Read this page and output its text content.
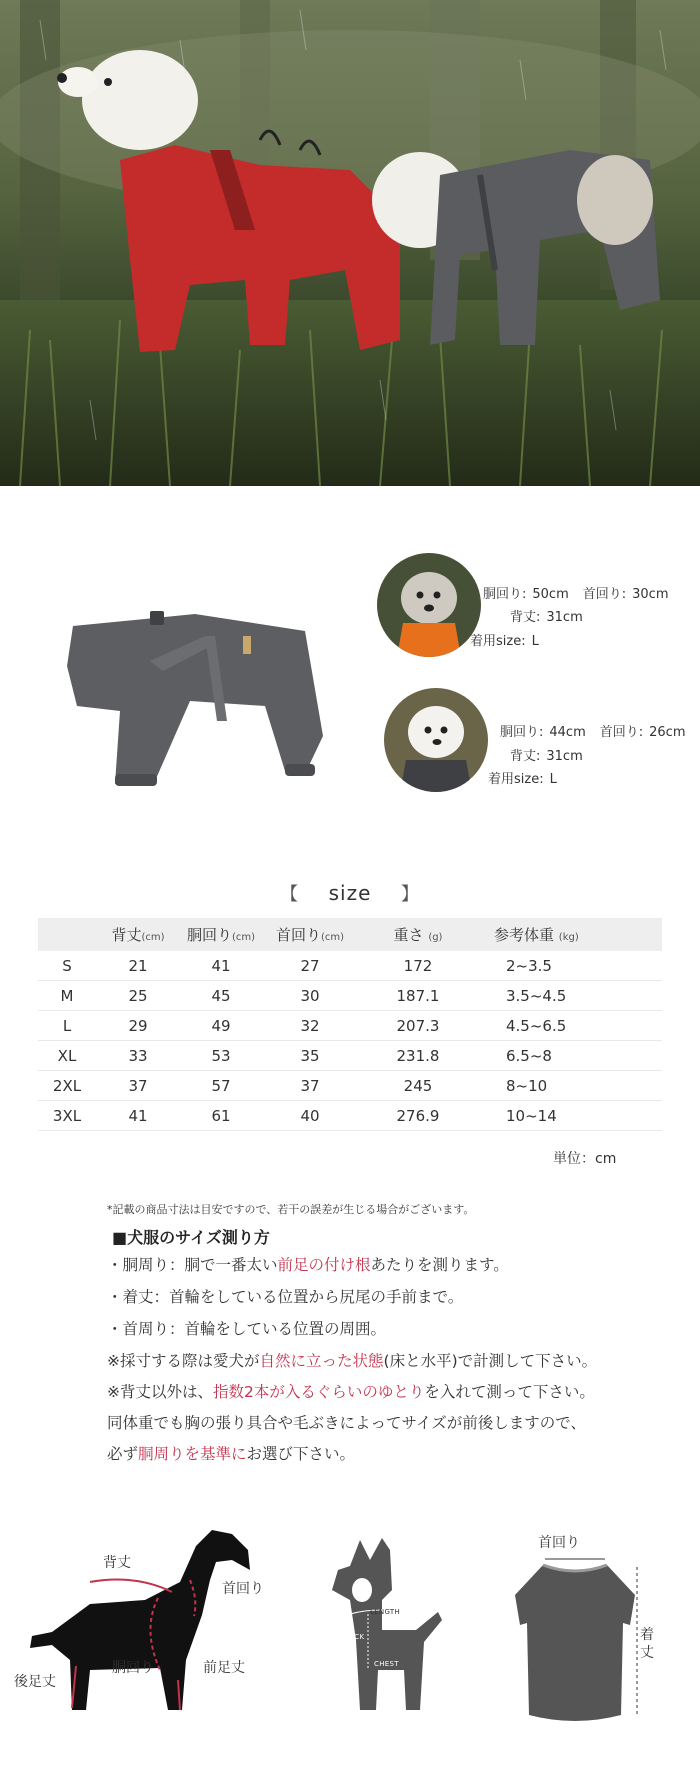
胴回り: 50cm 首回り: 30cm
背丈: 31cm
着用size: L
胴回り: 44cm 首回り: 26cm
背丈: 31cm
着用size: L
【 size 】
	背丈(cm)	胴回り(cm)	首回り(cm)	重さ (g)	参考体重 (kg)
S	21	41	27	172	2~3.5
M	25	45	30	187.1	3.5~4.5
L	29	49	32	207.3	4.5~6.5
XL	33	53	35	231.8	6.5~8
2XL	37	57	37	245	8~10
3XL	41	61	40	276.9	10~14
単位：cm
*記載の商品寸法は目安ですので、若干の誤差が生じる場合がございます。
■犬服のサイズ測り方
・胴周り：胴で一番太い前足の付け根あたりを測ります。
・着丈：首輪をしている位置から尻尾の手前まで。
・首周り：首輪をしている位置の周囲。
※採寸する際は愛犬が自然に立った状態(床と水平)で計測して下さい。
※背丈以外は、指数2本が入るぐらいのゆとりを入れて測って下さい。
同体重でも胸の張り具合や毛ぶきによってサイズが前後しますので、
必ず胴周りを基準にお選び下さい。
背丈
首回り
胴回り	前足丈
後足丈
LENGTH
NECK
CHEST
首回り
着丈
